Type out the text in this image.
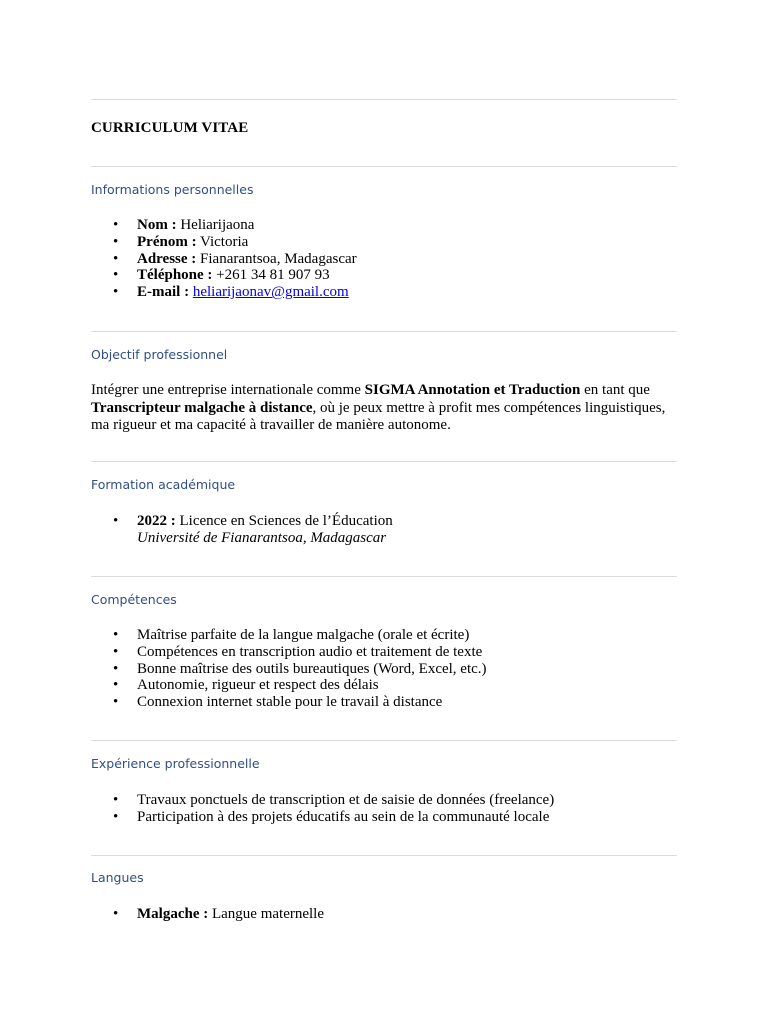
CURRICULUM VITAE
Informations personnelles
• Nom : Heliarijaona
• Prénom : Victoria
• Adresse : Fianarantsoa, Madagascar
• Téléphone : +261 34 81 907 93
• E-mail : heliarijaonav@gmail.com
Objectif professionnel

Intégrer une entreprise internationale comme SIGMA Annotation et Traduction en tant que Transcripteur malgache à distance, où je peux mettre à profit mes compétences linguistiques, ma rigueur et ma capacité à travailler de manière autonome.

Formation académique
• 2022 : Licence en Sciences de l’Éducation
Université de Fianarantsoa, Madagascar
Compétences
• Maîtrise parfaite de la langue malgache (orale et écrite)
• Compétences en transcription audio et traitement de texte
• Bonne maîtrise des outils bureautiques (Word, Excel, etc.)
• Autonomie, rigueur et respect des délais
• Connexion internet stable pour le travail à distance
Expérience professionnelle
• Travaux ponctuels de transcription et de saisie de données (freelance)
• Participation à des projets éducatifs au sein de la communauté locale
Langues
• Malgache : Langue maternelle
